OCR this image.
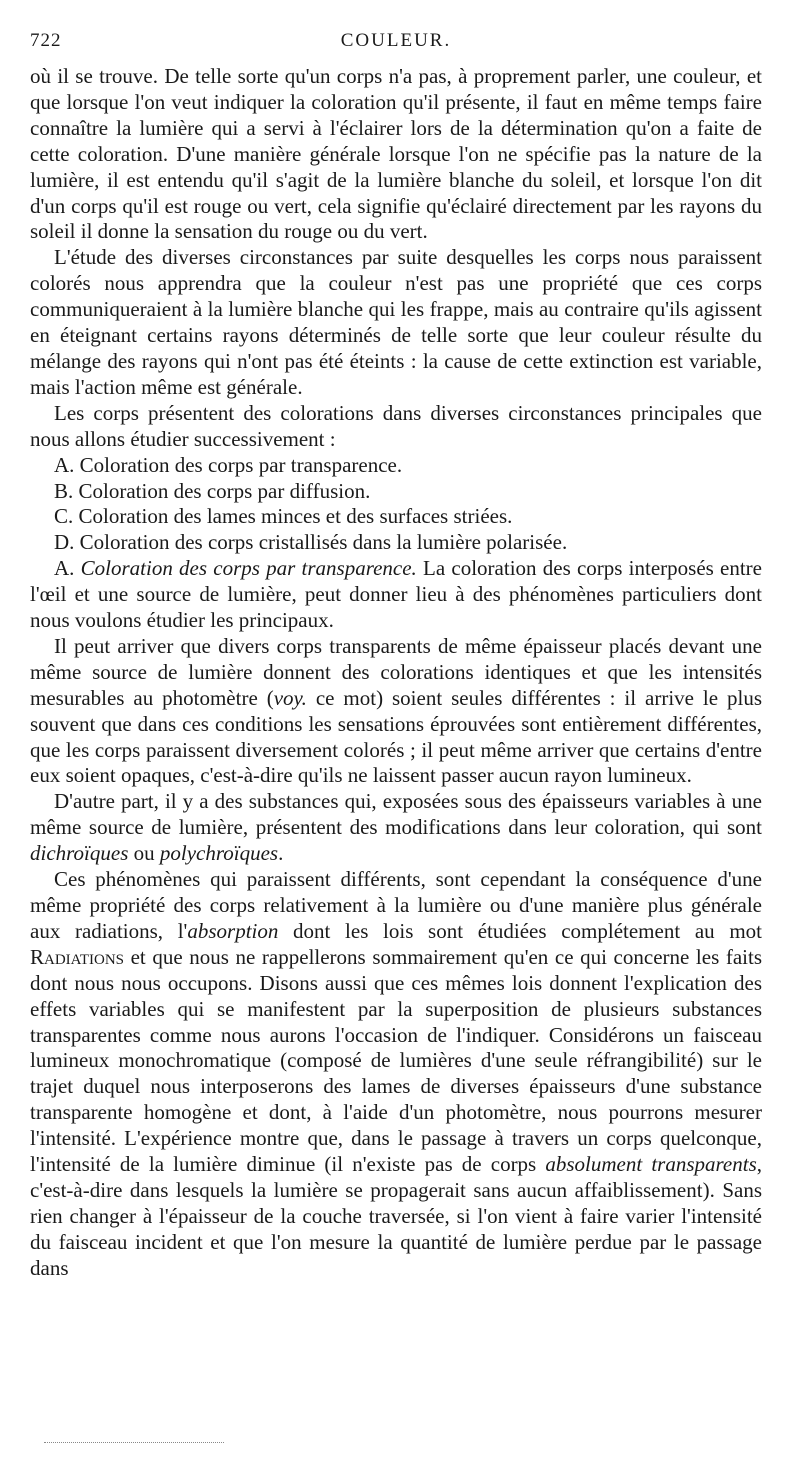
722	COULEUR.

où il se trouve. De telle sorte qu'un corps n'a pas, à proprement parler, une couleur, et que lorsque l'on veut indiquer la coloration qu'il présente, il faut en même temps faire connaître la lumière qui a servi à l'éclairer lors de la détermination qu'on a faite de cette coloration. D'une manière générale lorsque l'on ne spécifie pas la nature de la lumière, il est entendu qu'il s'agit de la lumière blanche du soleil, et lorsque l'on dit d'un corps qu'il est rouge ou vert, cela signifie qu'éclairé directement par les rayons du soleil il donne la sensation du rouge ou du vert.

L'étude des diverses circonstances par suite desquelles les corps nous paraissent colorés nous apprendra que la couleur n'est pas une propriété que ces corps communiqueraient à la lumière blanche qui les frappe, mais au contraire qu'ils agissent en éteignant certains rayons déterminés de telle sorte que leur couleur résulte du mélange des rayons qui n'ont pas été éteints : la cause de cette extinction est variable, mais l'action même est générale.

Les corps présentent des colorations dans diverses circonstances principales que nous allons étudier successivement :

A. Coloration des corps par transparence.

B. Coloration des corps par diffusion.

C. Coloration des lames minces et des surfaces striées.

D. Coloration des corps cristallisés dans la lumière polarisée.

A. Coloration des corps par transparence. La coloration des corps interposés entre l'œil et une source de lumière, peut donner lieu à des phénomènes particuliers dont nous voulons étudier les principaux.

Il peut arriver que divers corps transparents de même épaisseur placés devant une même source de lumière donnent des colorations identiques et que les intensités mesurables au photomètre (voy. ce mot) soient seules différentes : il arrive le plus souvent que dans ces conditions les sensations éprouvées sont entièrement différentes, que les corps paraissent diversement colorés ; il peut même arriver que certains d'entre eux soient opaques, c'est-à-dire qu'ils ne laissent passer aucun rayon lumineux.

D'autre part, il y a des substances qui, exposées sous des épaisseurs variables à une même source de lumière, présentent des modifications dans leur coloration, qui sont dichroïques ou polychroïques.

Ces phénomènes qui paraissent différents, sont cependant la conséquence d'une même propriété des corps relativement à la lumière ou d'une manière plus générale aux radiations, l'absorption dont les lois sont étudiées complétement au mot Radiations et que nous ne rappellerons sommairement qu'en ce qui concerne les faits dont nous nous occupons. Disons aussi que ces mêmes lois donnent l'explication des effets variables qui se manifestent par la superposition de plusieurs substances transparentes comme nous aurons l'occasion de l'indiquer. Considérons un faisceau lumineux monochromatique (composé de lumières d'une seule réfrangibilité) sur le trajet duquel nous interposerons des lames de diverses épaisseurs d'une substance transparente homogène et dont, à l'aide d'un photomètre, nous pourrons mesurer l'intensité. L'expérience montre que, dans le passage à travers un corps quelconque, l'intensité de la lumière diminue (il n'existe pas de corps absolument transparents, c'est-à-dire dans lesquels la lumière se propagerait sans aucun affaiblissement). Sans rien changer à l'épaisseur de la couche traversée, si l'on vient à faire varier l'intensité du faisceau incident et que l'on mesure la quantité de lumière perdue par le passage dans
